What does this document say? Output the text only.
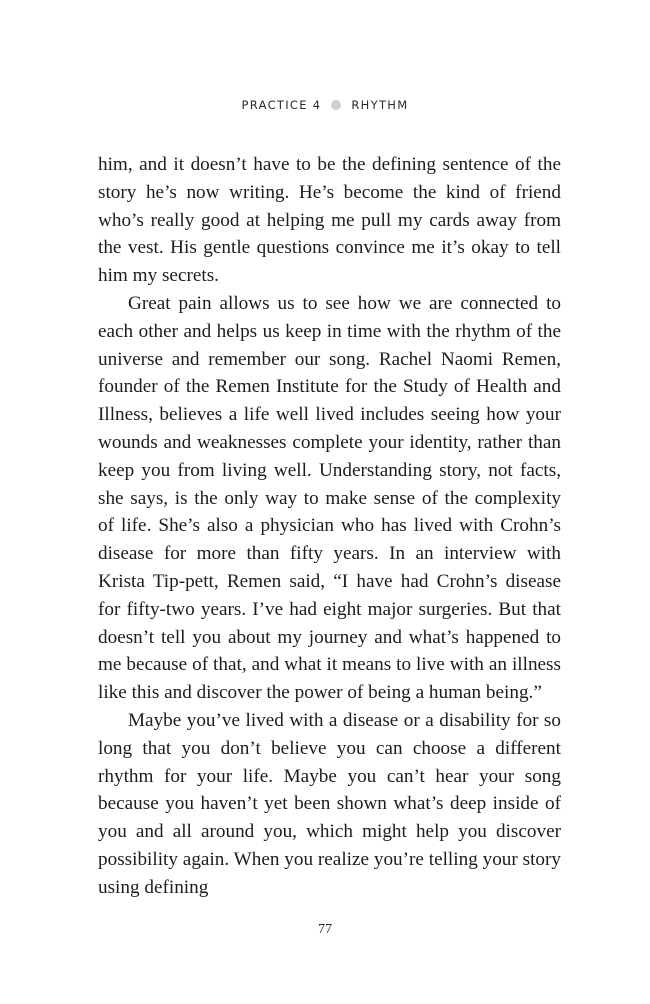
PRACTICE 4	RHYTHM

him, and it doesn’t have to be the defining sentence of the story he’s now writing. He’s become the kind of friend who’s really good at helping me pull my cards away from the vest. His gentle questions convince me it’s okay to tell him my secrets.

Great pain allows us to see how we are connected to each other and helps us keep in time with the rhythm of the universe and remember our song. Rachel Naomi Remen, founder of the Remen Institute for the Study of Health and Illness, believes a life well lived includes seeing how your wounds and weaknesses complete your identity, rather than keep you from living well. Understanding story, not facts, she says, is the only way to make sense of the complexity of life. She’s also a physician who has lived with Crohn’s disease for more than fifty years. In an interview with Krista Tip-pett, Remen said, “I have had Crohn’s disease for fifty-two years. I’ve had eight major surgeries. But that doesn’t tell you about my journey and what’s happened to me because of that, and what it means to live with an illness like this and discover the power of being a human being.”

Maybe you’ve lived with a disease or a disability for so long that you don’t believe you can choose a different rhythm for your life. Maybe you can’t hear your song because you haven’t yet been shown what’s deep inside of you and all around you, which might help you discover possibility again. When you realize you’re telling your story using defining

77
